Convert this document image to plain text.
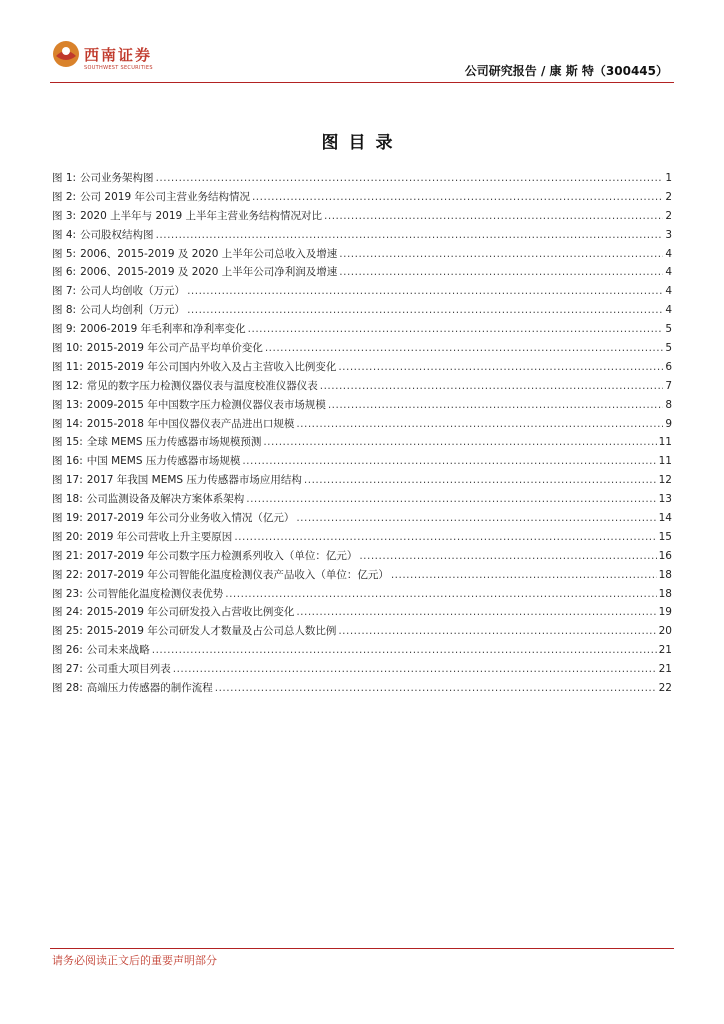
西南证券
SOUTHWEST SECURITIES	公司研究报告 / 康 斯 特（300445）
图目录
图 1: 公司业务架构图 .....	1
图 2: 公司 2019 年公司主营业务结构情况 .....	2
图 3: 2020 上半年与 2019 上半年主营业务结构情况对比 .....	2
图 4: 公司股权结构图 .....	3
图 5: 2006、2015-2019 及 2020 上半年公司总收入及增速 .....	4
图 6: 2006、2015-2019 及 2020 上半年公司净利润及增速 .....	4
图 7: 公司人均创收（万元） .....	4
图 8: 公司人均创利（万元） .....	4
图 9: 2006-2019 年毛利率和净利率变化 .....	5
图 10: 2015-2019 年公司产品平均单价变化 .....	5
图 11: 2015-2019 年公司国内外收入及占主营收入比例变化 .....	6
图 12: 常见的数字压力检测仪器仪表与温度校准仪器仪表 .....	7
图 13: 2009-2015 年中国数字压力检测仪器仪表市场规模 .....	8
图 14: 2015-2018 年中国仪器仪表产品进出口规模 .....	9
图 15: 全球 MEMS 压力传感器市场规模预测 .....	11
图 16: 中国 MEMS 压力传感器市场规模 .....	11
图 17: 2017 年我国 MEMS 压力传感器市场应用结构 .....	12
图 18: 公司监测设备及解决方案体系架构 .....	13
图 19: 2017-2019 年公司分业务收入情况（亿元） .....	14
图 20: 2019 年公司营收上升主要原因 .....	15
图 21: 2017-2019 年公司数字压力检测系列收入（单位：亿元） .....	16
图 22: 2017-2019 年公司智能化温度检测仪表产品收入（单位：亿元） .....	18
图 23: 公司智能化温度检测仪表优势 .....	18
图 24: 2015-2019 年公司研发投入占营收比例变化 .....	19
图 25: 2015-2019 年公司研发人才数量及占公司总人数比例 .....	20
图 26: 公司未来战略 .....	21
图 27: 公司重大项目列表 .....	21
图 28: 高端压力传感器的制作流程 .....	22
请务必阅读正文后的重要声明部分
